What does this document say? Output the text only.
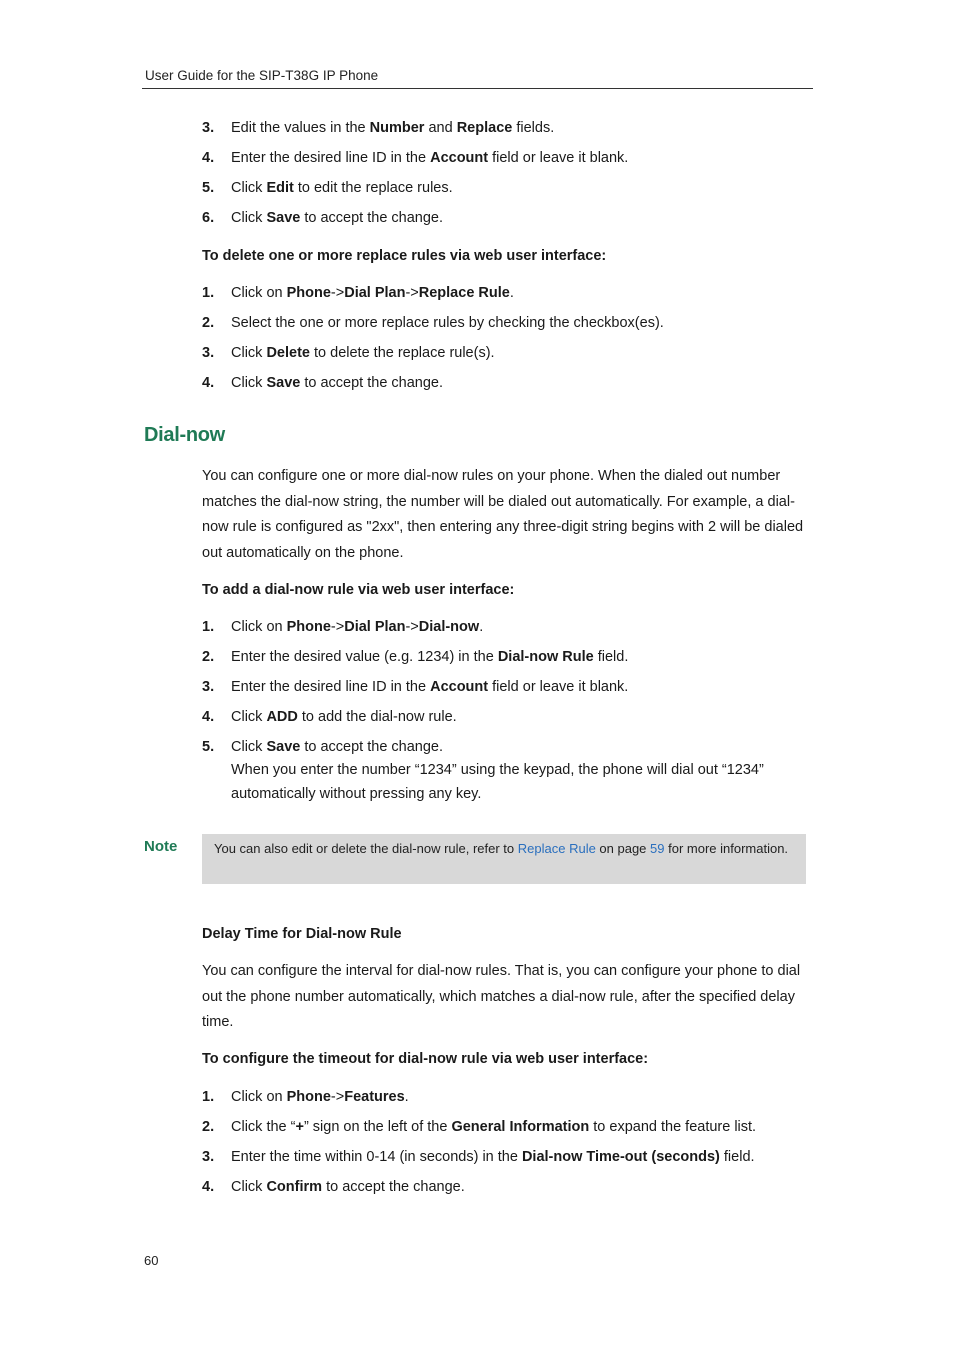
User Guide for the SIP-T38G IP Phone
3. Edit the values in the Number and Replace fields.
4. Enter the desired line ID in the Account field or leave it blank.
5. Click Edit to edit the replace rules.
6. Click Save to accept the change.
To delete one or more replace rules via web user interface:
1. Click on Phone->Dial Plan->Replace Rule.
2. Select the one or more replace rules by checking the checkbox(es).
3. Click Delete to delete the replace rule(s).
4. Click Save to accept the change.
Dial-now
You can configure one or more dial-now rules on your phone. When the dialed out number matches the dial-now string, the number will be dialed out automatically. For example, a dial-now rule is configured as "2xx", then entering any three-digit string begins with 2 will be dialed out automatically on the phone.
To add a dial-now rule via web user interface:
1. Click on Phone->Dial Plan->Dial-now.
2. Enter the desired value (e.g. 1234) in the Dial-now Rule field.
3. Enter the desired line ID in the Account field or leave it blank.
4. Click ADD to add the dial-now rule.
5. Click Save to accept the change.
When you enter the number “1234” using the keypad, the phone will dial out “1234”
automatically without pressing any key.
Note	You can also edit or delete the dial-now rule, refer to Replace Rule on page 59 for more information.
Delay Time for Dial-now Rule
You can configure the interval for dial-now rules. That is, you can configure your phone to dial out the phone number automatically, which matches a dial-now rule, after the specified delay time.
To configure the timeout for dial-now rule via web user interface:
1. Click on Phone->Features.
2. Click the “+” sign on the left of the General Information to expand the feature list.
3. Enter the time within 0-14 (in seconds) in the Dial-now Time-out (seconds) field.
4. Click Confirm to accept the change.
60
